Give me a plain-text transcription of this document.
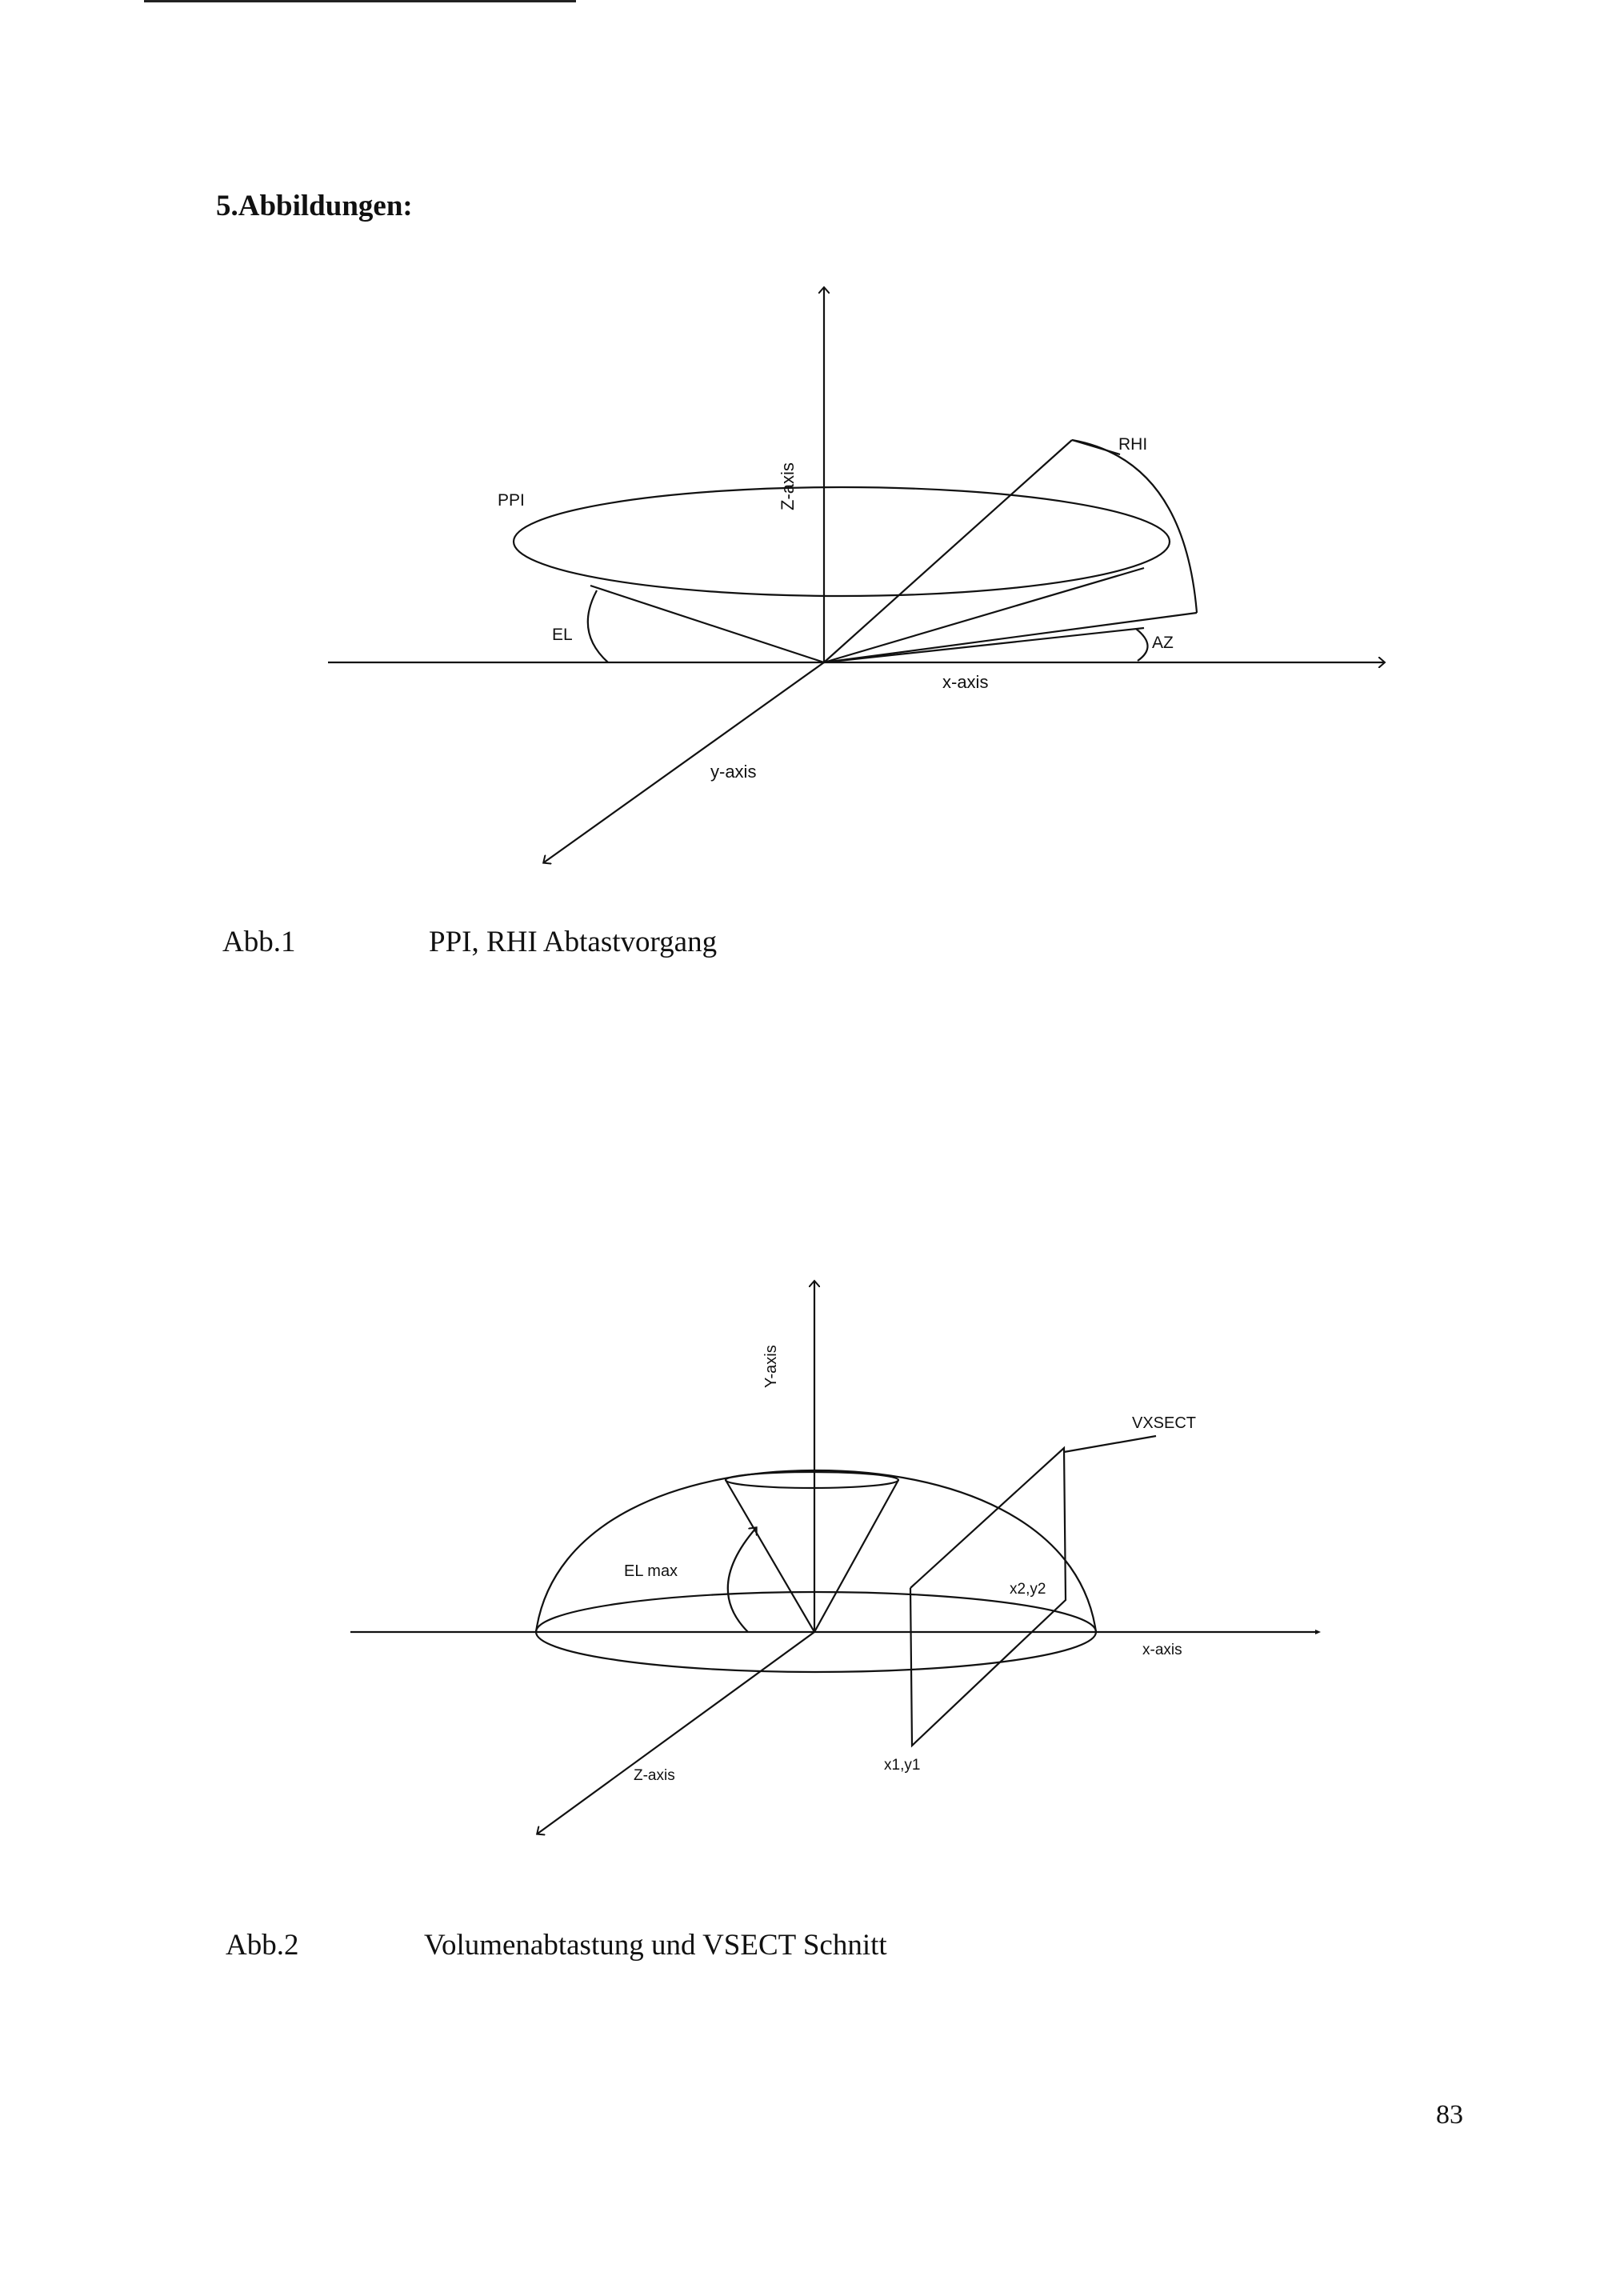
5.Abbildungen:
PPI
RHI
EL	AZ
Z-axis
x-axis
y-axis
Abb.1	PPI, RHI Abtastvorgang
Y-axis
VXSECT
EL max
x2,y2
x-axis
x1,y1
Z-axis
Abb.2	Volumenabtastung und VSECT Schnitt
83
